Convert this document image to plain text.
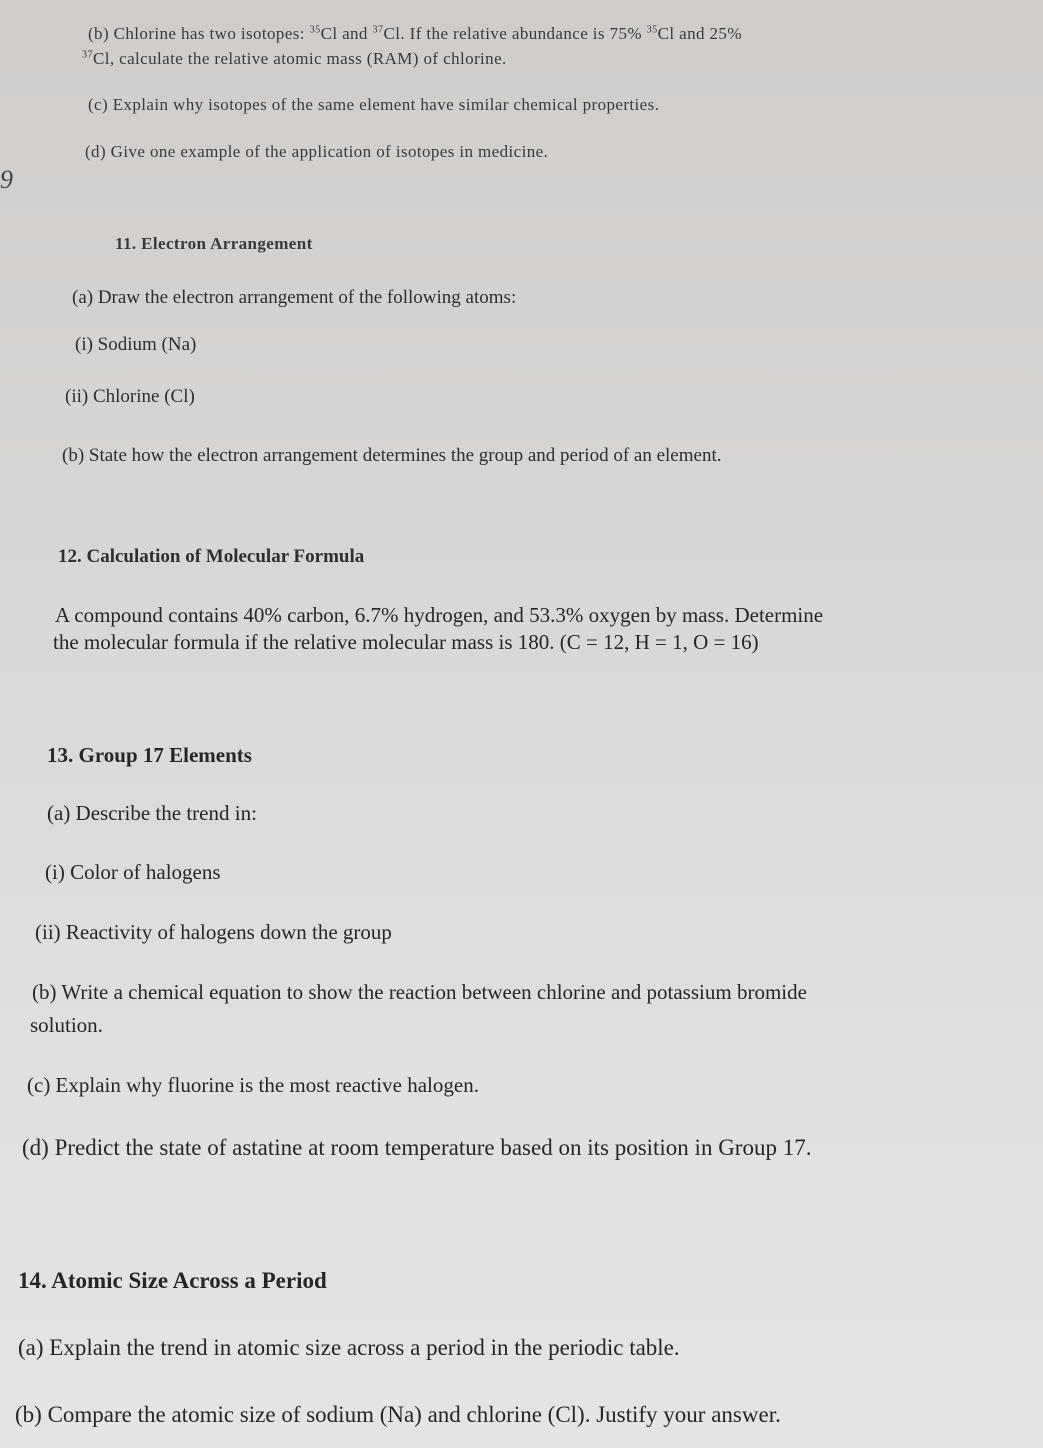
(b) Chlorine has two isotopes: $^{35}$Cl and $^{37}$Cl. If the relative abundance is 75% $^{35}$Cl and 25%
$^{37}$Cl, calculate the relative atomic mass (RAM) of chlorine.
(c) Explain why isotopes of the same element have similar chemical properties.
(d) Give one example of the application of isotopes in medicine.
9
11. Electron Arrangement
(a) Draw the electron arrangement of the following atoms:
(i) Sodium (Na)
(ii) Chlorine (Cl)
(b) State how the electron arrangement determines the group and period of an element.
12. Calculation of Molecular Formula
A compound contains 40% carbon, 6.7% hydrogen, and 53.3% oxygen by mass. Determine
the molecular formula if the relative molecular mass is 180. (C = 12, H = 1, O = 16)
13. Group 17 Elements
(a) Describe the trend in:
(i) Color of halogens
(ii) Reactivity of halogens down the group
(b) Write a chemical equation to show the reaction between chlorine and potassium bromide
solution.
(c) Explain why fluorine is the most reactive halogen.
(d) Predict the state of astatine at room temperature based on its position in Group 17.
14. Atomic Size Across a Period
(a) Explain the trend in atomic size across a period in the periodic table.
(b) Compare the atomic size of sodium (Na) and chlorine (Cl). Justify your answer.
